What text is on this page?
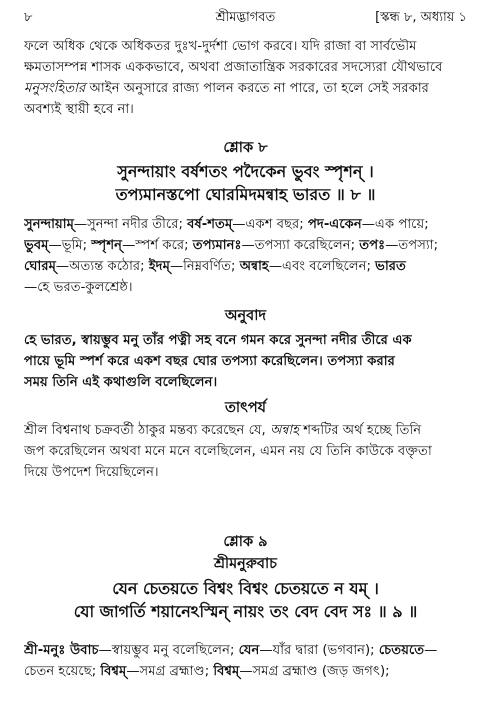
৮	শ্রীমদ্ভাগবত	[স্কন্ধ ৮, অধ্যায় ১
ফলে অধিক থেকে অধিকতর দুঃখ-দুর্দশা ভোগ করবে। যদি রাজা বা সার্বভৌম
ক্ষমতাসম্পন্ন শাসক এককভাবে, অথবা প্রজাতান্ত্রিক সরকারের সদস্যেরা যৌথভাবে
মনুসংহিতার আইন অনুসারে রাজ্য পালন করতে না পারে, তা হলে সেই সরকার
অবশ্যই স্থায়ী হবে না।
শ্লোক ৮
সুনন্দায়াং বর্ষশতং পদৈকেন ভুবং স্পৃশন্ ।
তপ্যমানস্তপো ঘোরমিদমন্বাহ ভারত ॥ ৮ ॥
সুনন্দায়াম্—সুনন্দা নদীর তীরে; বর্ষ-শতম্—একশ বছর; পদ-একেন—এক পায়ে;
ভুবম্—ভূমি; স্পৃশন্—স্পর্শ করে; তপ্যমানঃ—তপস্যা করেছিলেন; তপঃ—তপস্যা;
ঘোরম্—অত্যন্ত কঠোর; ইদম্—নিম্নবর্ণিত; অন্বাহ—এবং বলেছিলেন; ভারত
—হে ভরত-কুলশ্রেষ্ঠ।
অনুবাদ
হে ভারত, স্বায়ম্ভুব মনু তাঁর পত্নী সহ বনে গমন করে সুনন্দা নদীর তীরে এক
পায়ে ভূমি স্পর্শ করে একশ বছর ঘোর তপস্যা করেছিলেন। তপস্যা করার
সময় তিনি এই কথাগুলি বলেছিলেন।
তাৎপর্য
শ্রীল বিশ্বনাথ চক্রবর্তী ঠাকুর মন্তব্য করেছেন যে, অন্বাহ শব্দটির অর্থ হচ্ছে তিনি
জপ করেছিলেন অথবা মনে মনে বলেছিলেন, এমন নয় যে তিনি কাউকে বক্তৃতা
দিয়ে উপদেশ দিয়েছিলেন।
শ্লোক ৯
শ্রীমনুরুবাচ
যেন চেতয়তে বিশ্বং বিশ্বং চেতয়তে ন যম্ ।
যো জাগর্তি শয়ানেঽস্মিন্ নায়ং তং বেদ বেদ সঃ ॥ ৯ ॥
শ্রী-মনুঃ উবাচ—স্বায়ম্ভুব মনু বলেছিলেন; যেন—যাঁর দ্বারা (ভগবান); চেতয়তে—
চেতন হয়েছে; বিশ্বম্—সমগ্র ব্রহ্মাণ্ড; বিশ্বম্—সমগ্র ব্রহ্মাণ্ড (জড় জগৎ);
